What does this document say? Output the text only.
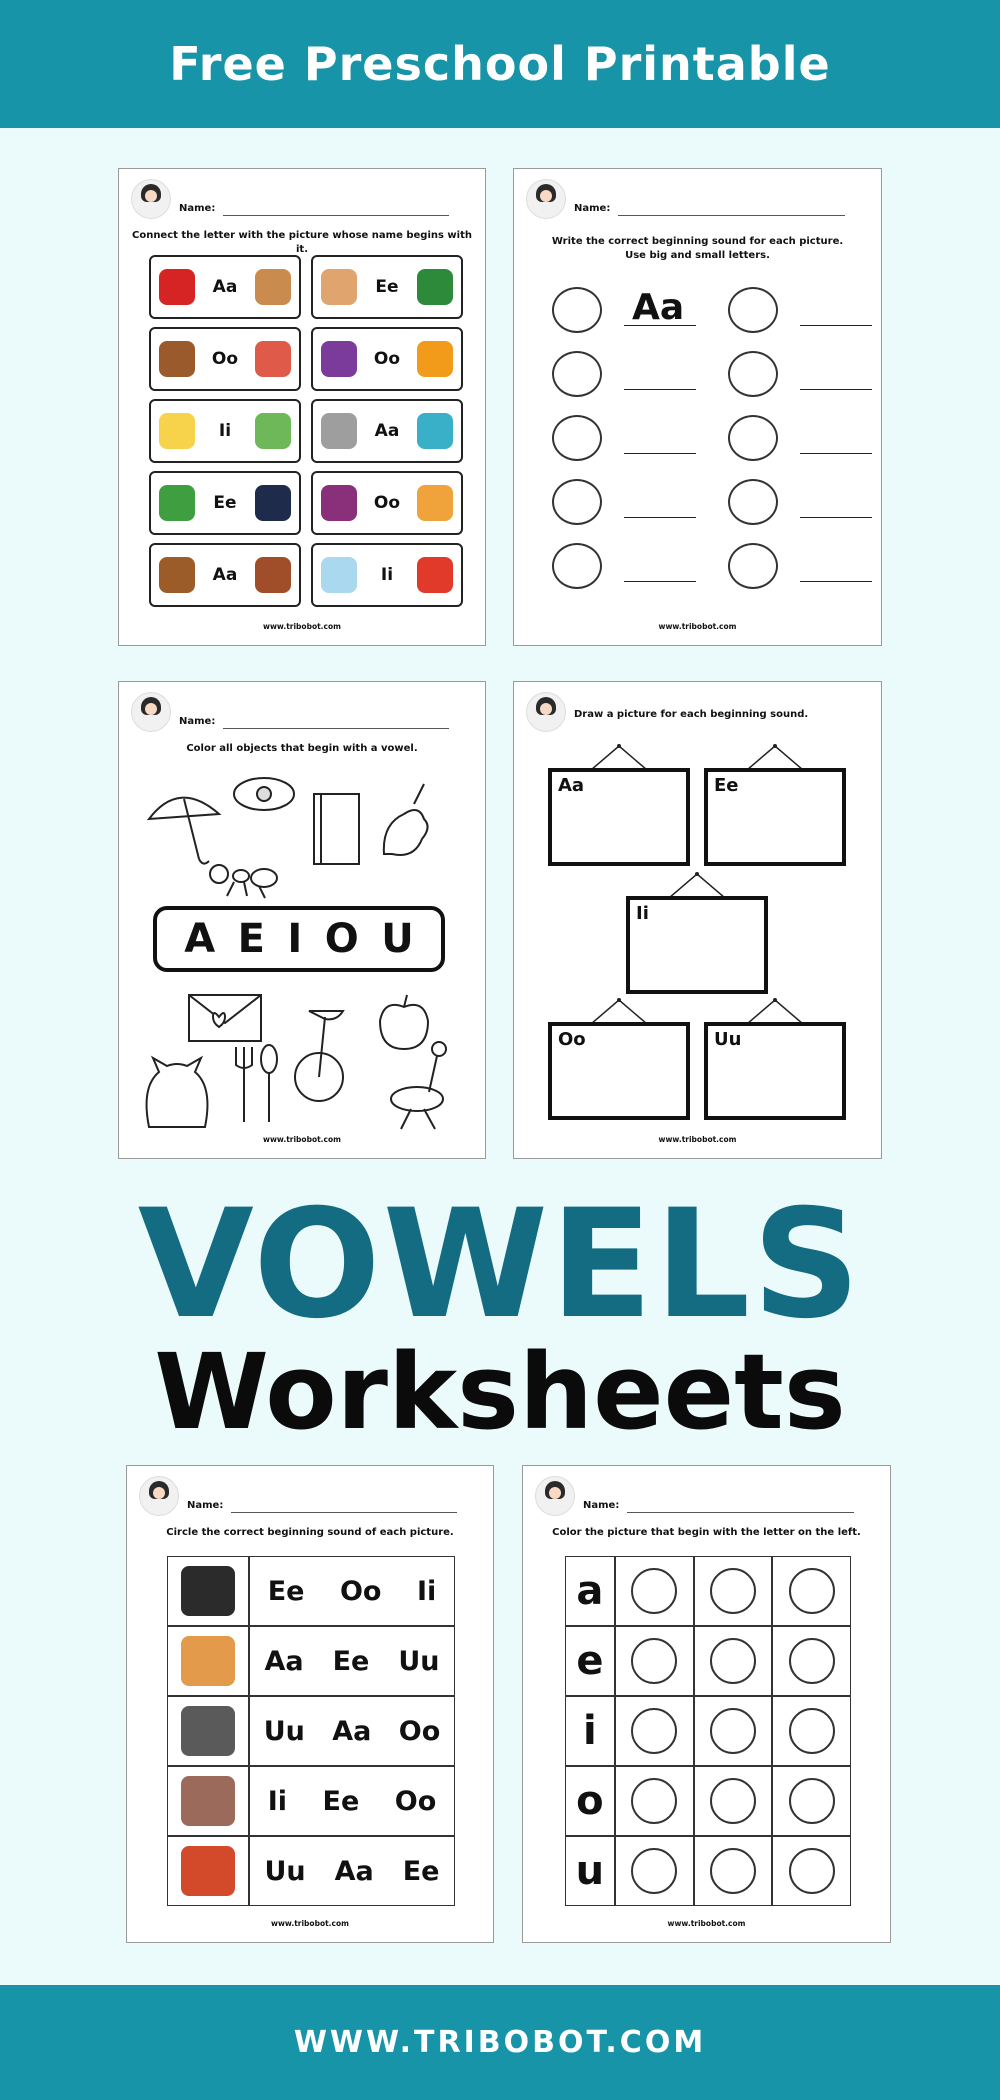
Free Preschool Printable
Name:
Connect the letter with the picture whose name begins with it.
Aa	Ee
Oo	Oo
Ii	Aa
Ee	Oo
Aa	Ii
www.tribobot.com
Name:
Write the correct beginning sound for each picture.
Use big and small letters.
Aa
www.tribobot.com
Name:
Color all objects that begin with a vowel.
A E I O U
www.tribobot.com
Draw a picture for each beginning sound.
Aa	Ee
Ii
Oo	Uu
www.tribobot.com
VOWELS
Worksheets
Name:
Circle the correct beginning sound of each picture.
Ee Oo Ii
Aa Ee Uu
Uu Aa Oo
Ii Ee Oo
Uu Aa Ee
www.tribobot.com
Name:
Color the picture that begin with the letter on the left.
a
e
i
o
u
www.tribobot.com
WWW.TRIBOBOT.COM
